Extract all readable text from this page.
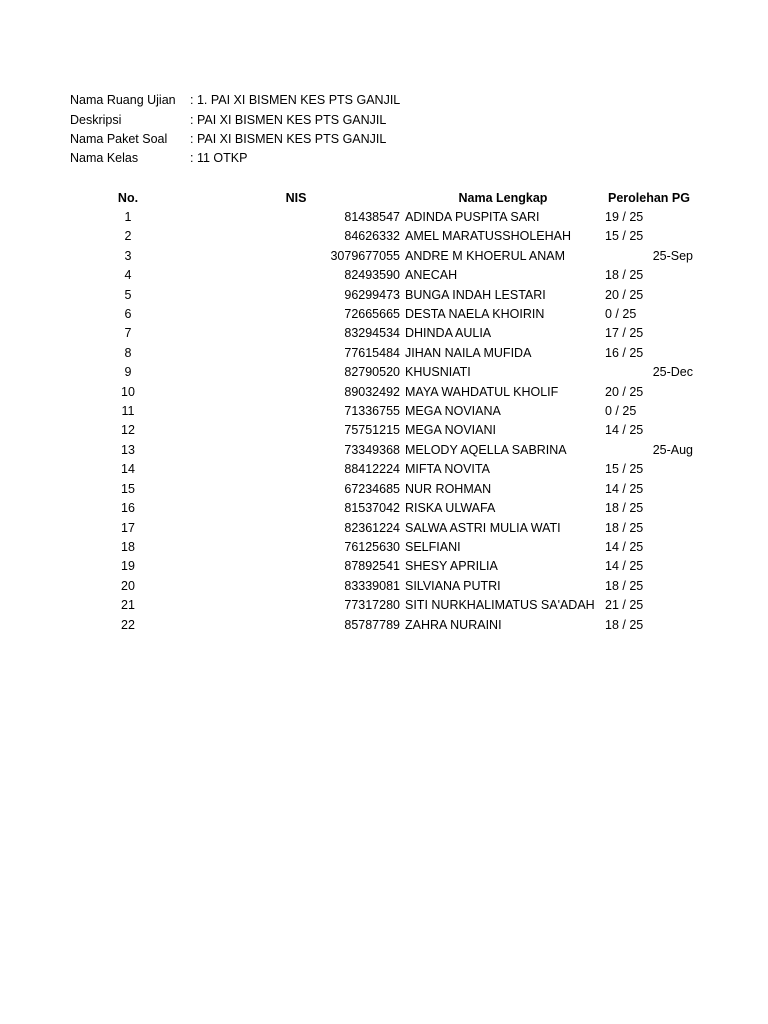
Nama Ruang Ujian : 1. PAI XI BISMEN KES PTS GANJIL
Deskripsi	: PAI XI BISMEN KES PTS GANJIL
Nama Paket Soal : PAI XI BISMEN KES PTS GANJIL
Nama Kelas	: 11 OTKP
No.	NIS	Nama Lengkap	Perolehan PG
1	81438547 ADINDA PUSPITA SARI	19 / 25
2	84626332 AMEL MARATUSSHOLEHAH	15 / 25
3	3079677055 ANDRE M KHOERUL ANAM	25-Sep
4	82493590 ANECAH	18 / 25
5	96299473 BUNGA INDAH LESTARI	20 / 25
6	72665665 DESTA NAELA KHOIRIN	0 / 25
7	83294534 DHINDA AULIA	17 / 25
8	77615484 JIHAN NAILA MUFIDA	16 / 25
9	82790520 KHUSNIATI	25-Dec
10	89032492 MAYA WAHDATUL KHOLIF	20 / 25
11	71336755 MEGA NOVIANA	0 / 25
12	75751215 MEGA NOVIANI	14 / 25
13	73349368 MELODY AQELLA SABRINA	25-Aug
14	88412224 MIFTA NOVITA	15 / 25
15	67234685 NUR ROHMAN	14 / 25
16	81537042 RISKA ULWAFA	18 / 25
17	82361224 SALWA ASTRI MULIA WATI	18 / 25
18	76125630 SELFIANI	14 / 25
19	87892541 SHESY APRILIA	14 / 25
20	83339081 SILVIANA PUTRI	18 / 25
21	77317280 SITI NURKHALIMATUS SA'ADAH 21 / 25
22	85787789 ZAHRA NURAINI	18 / 25
